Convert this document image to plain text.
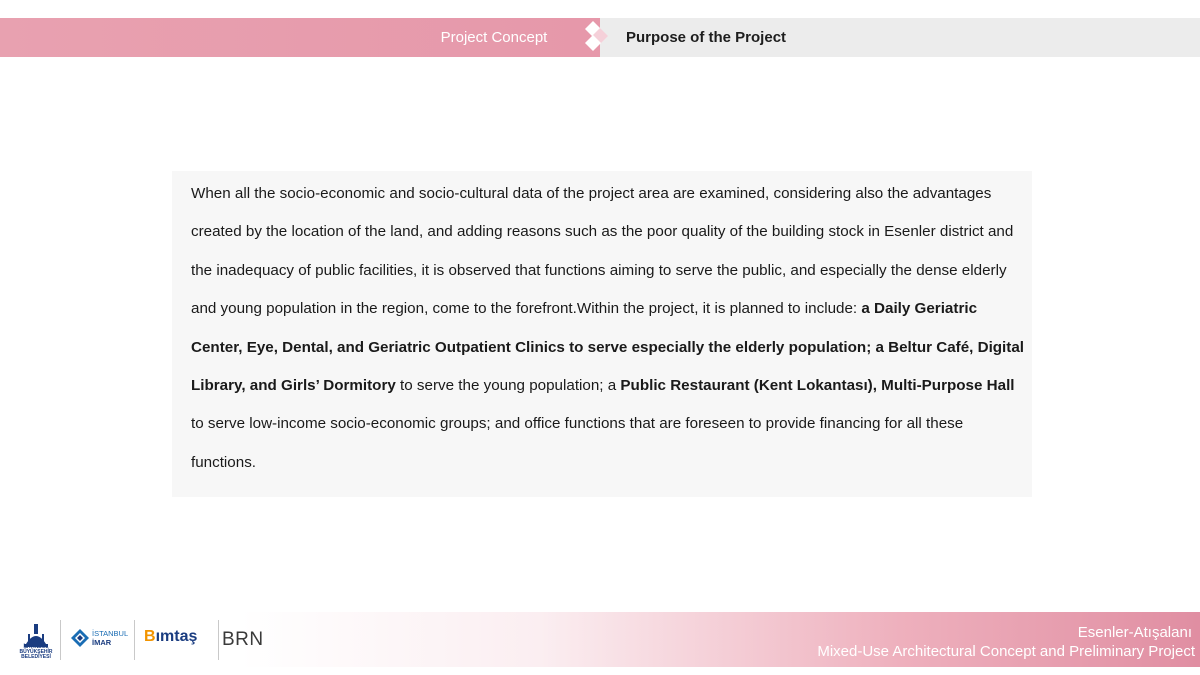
Project Concept	Purpose of the Project

When all the socio-economic and socio-cultural data of the project area are examined, considering also the advantages created by the location of the land, and adding reasons such as the poor quality of the building stock in Esenler district and the inadequacy of public facilities, it is observed that functions aiming to serve the public, and especially the dense elderly and young population in the region, come to the forefront.Within the project, it is planned to include: a Daily Geriatric Center, Eye, Dental, and Geriatric Outpatient Clinics to serve especially the elderly population; a Beltur Café, Digital Library, and Girls’ Dormitory to serve the young population; a Public Restaurant (Kent Lokantası), Multi-Purpose Hall to serve low-income socio-economic groups; and office functions that are foreseen to provide financing for all these functions.

İSTANBUL BÜYÜKŞEHİR BELEDİYESİ
İSTANBUL
İMAR Bımtaş BRN	Esenler-Atışalanı
Mixed-Use Architectural Concept and Preliminary Project
